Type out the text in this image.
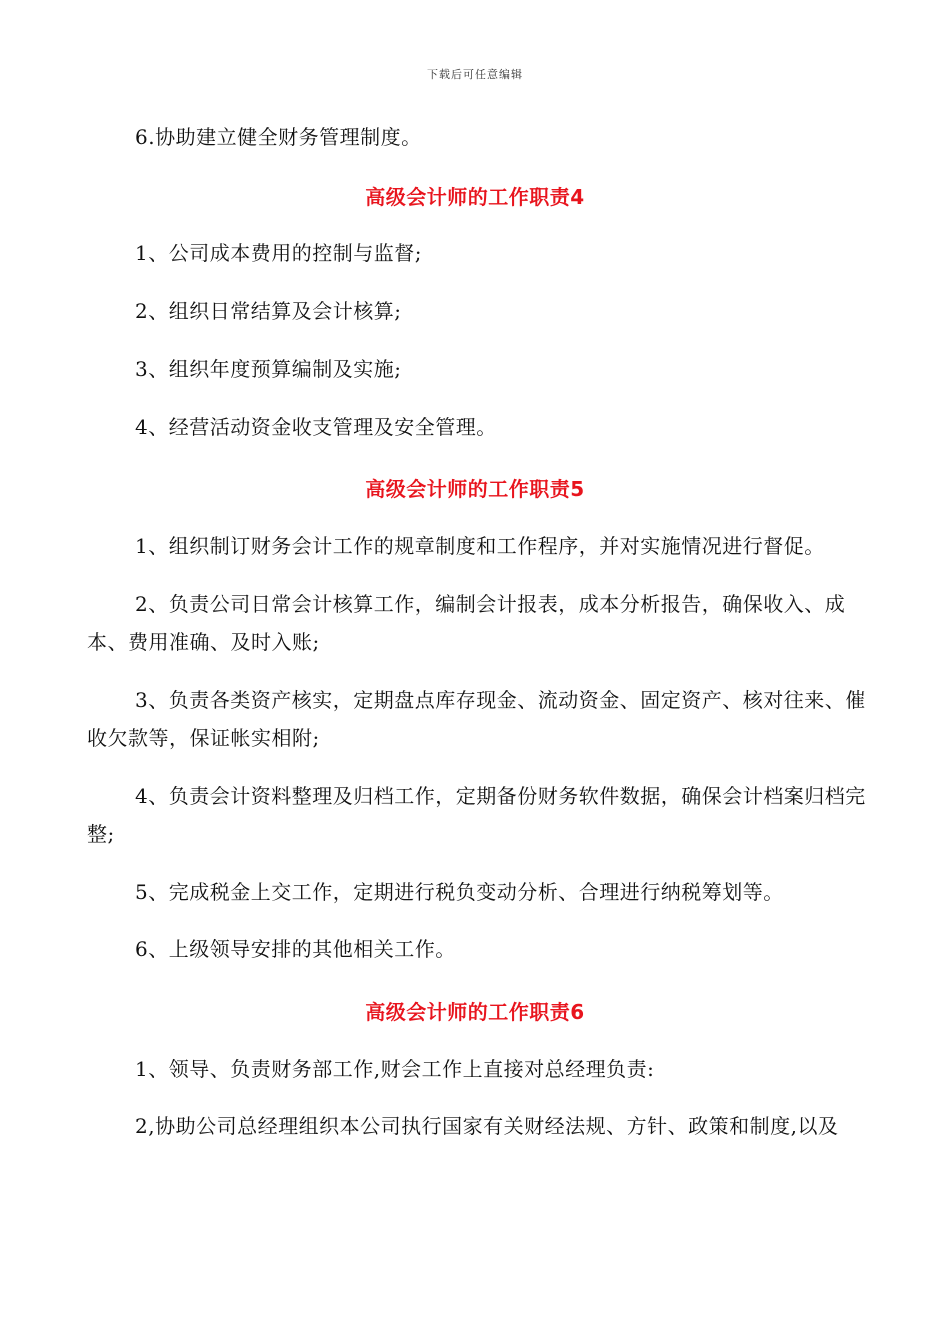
下载后可任意编辑

6.协助建立健全财务管理制度。

高级会计师的工作职责4

1、公司成本费用的控制与监督;

2、组织日常结算及会计核算;

3、组织年度预算编制及实施;

4、经营活动资金收支管理及安全管理。

高级会计师的工作职责5

1、组织制订财务会计工作的规章制度和工作程序，并对实施情况进行督促。

2、负责公司日常会计核算工作，编制会计报表，成本分析报告，确保收入、成本、费用准确、及时入账;

3、负责各类资产核实，定期盘点库存现金、流动资金、固定资产、核对往来、催收欠款等，保证帐实相附;

4、负责会计资料整理及归档工作，定期备份财务软件数据，确保会计档案归档完整;

5、完成税金上交工作，定期进行税负变动分析、合理进行纳税筹划等。

6、上级领导安排的其他相关工作。

高级会计师的工作职责6

1、领导、负责财务部工作,财会工作上直接对总经理负责:

2,协助公司总经理组织本公司执行国家有关财经法规、方针、政策和制度,以及
